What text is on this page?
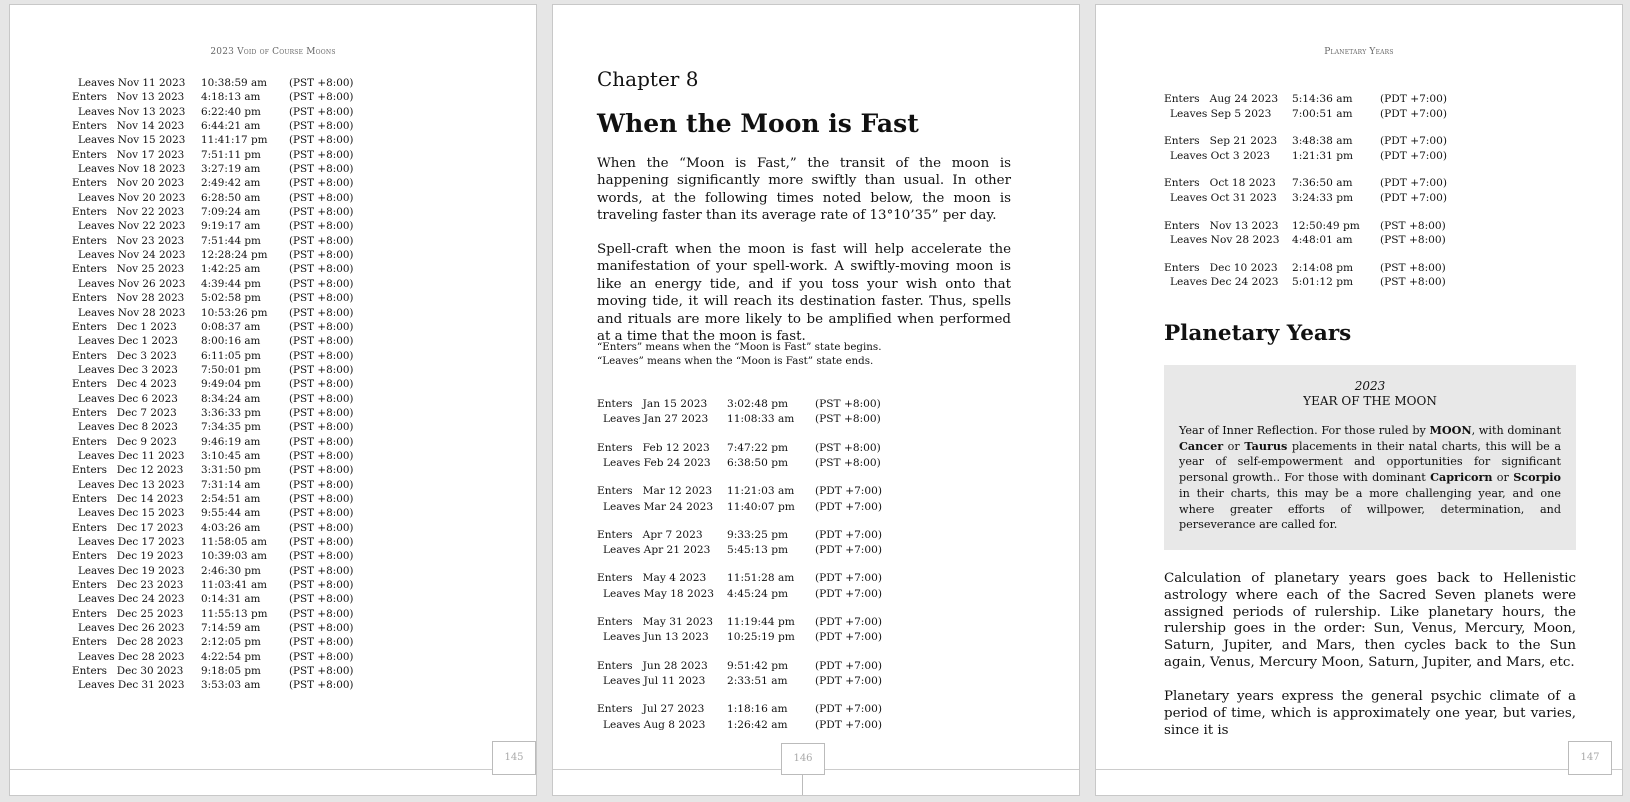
2023 Void of Course Moons
Leaves Nov 11 2023	10:38:59 am	(PST +8:00)
Enters   Nov 13 2023	4:18:13 am	(PST +8:00)
Leaves Nov 13 2023	6:22:40 pm	(PST +8:00)
Enters   Nov 14 2023	6:44:21 am	(PST +8:00)
Leaves Nov 15 2023	11:41:17 pm	(PST +8:00)
Enters   Nov 17 2023	7:51:11 pm	(PST +8:00)
Leaves Nov 18 2023	3:27:19 am	(PST +8:00)
Enters   Nov 20 2023	2:49:42 am	(PST +8:00)
Leaves Nov 20 2023	6:28:50 am	(PST +8:00)
Enters   Nov 22 2023	7:09:24 am	(PST +8:00)
Leaves Nov 22 2023	9:19:17 am	(PST +8:00)
Enters   Nov 23 2023	7:51:44 pm	(PST +8:00)
Leaves Nov 24 2023	12:28:24 pm	(PST +8:00)
Enters   Nov 25 2023	1:42:25 am	(PST +8:00)
Leaves Nov 26 2023	4:39:44 pm	(PST +8:00)
Enters   Nov 28 2023	5:02:58 pm	(PST +8:00)
Leaves Nov 28 2023	10:53:26 pm	(PST +8:00)
Enters   Dec 1 2023	0:08:37 am	(PST +8:00)
Leaves Dec 1 2023	8:00:16 am	(PST +8:00)
Enters   Dec 3 2023	6:11:05 pm	(PST +8:00)
Leaves Dec 3 2023	7:50:01 pm	(PST +8:00)
Enters   Dec 4 2023	9:49:04 pm	(PST +8:00)
Leaves Dec 6 2023	8:34:24 am	(PST +8:00)
Enters   Dec 7 2023	3:36:33 pm	(PST +8:00)
Leaves Dec 8 2023	7:34:35 pm	(PST +8:00)
Enters   Dec 9 2023	9:46:19 am	(PST +8:00)
Leaves Dec 11 2023	3:10:45 am	(PST +8:00)
Enters   Dec 12 2023	3:31:50 pm	(PST +8:00)
Leaves Dec 13 2023	7:31:14 am	(PST +8:00)
Enters   Dec 14 2023	2:54:51 am	(PST +8:00)
Leaves Dec 15 2023	9:55:44 am	(PST +8:00)
Enters   Dec 17 2023	4:03:26 am	(PST +8:00)
Leaves Dec 17 2023	11:58:05 am	(PST +8:00)
Enters   Dec 19 2023	10:39:03 am	(PST +8:00)
Leaves Dec 19 2023	2:46:30 pm	(PST +8:00)
Enters   Dec 23 2023	11:03:41 am	(PST +8:00)
Leaves Dec 24 2023	0:14:31 am	(PST +8:00)
Enters   Dec 25 2023	11:55:13 pm	(PST +8:00)
Leaves Dec 26 2023	7:14:59 am	(PST +8:00)
Enters   Dec 28 2023	2:12:05 pm	(PST +8:00)
Leaves Dec 28 2023	4:22:54 pm	(PST +8:00)
Enters   Dec 30 2023	9:18:05 pm	(PST +8:00)
Leaves Dec 31 2023	3:53:03 am	(PST +8:00)
145
Chapter 8
When the Moon is Fast
When the “Moon is Fast,” the transit of the moon is happening significantly more swiftly than usual. In other words, at the following times noted below, the moon is traveling faster than its average rate of 13°10’35” per day.
Spell-craft when the moon is fast will help accelerate the manifestation of your spell-work. A swiftly-moving moon is like an energy tide, and if you toss your wish onto that moving tide, it will reach its destination faster. Thus, spells and rituals are more likely to be amplified when performed at a time that the moon is fast.
“Enters” means when the “Moon is Fast” state begins.
“Leaves” means when the “Moon is Fast” state ends.
Enters   Jan 15 2023	3:02:48 pm	(PST +8:00)
Leaves Jan 27 2023	11:08:33 am	(PST +8:00)
Enters   Feb 12 2023	7:47:22 pm	(PST +8:00)
Leaves Feb 24 2023	6:38:50 pm	(PST +8:00)
Enters   Mar 12 2023	11:21:03 am	(PDT +7:00)
Leaves Mar 24 2023	11:40:07 pm	(PDT +7:00)
Enters   Apr 7 2023	9:33:25 pm	(PDT +7:00)
Leaves Apr 21 2023	5:45:13 pm	(PDT +7:00)
Enters   May 4 2023	11:51:28 am	(PDT +7:00)
Leaves May 18 2023	4:45:24 pm	(PDT +7:00)
Enters   May 31 2023	11:19:44 pm	(PDT +7:00)
Leaves Jun 13 2023	10:25:19 pm	(PDT +7:00)
Enters   Jun 28 2023	9:51:42 pm	(PDT +7:00)
Leaves Jul 11 2023	2:33:51 am	(PDT +7:00)
Enters   Jul 27 2023	1:18:16 am	(PDT +7:00)
Leaves Aug 8 2023	1:26:42 am	(PDT +7:00)
146
Planetary Years
Enters   Aug 24 2023	5:14:36 am	(PDT +7:00)
Leaves Sep 5 2023	7:00:51 am	(PDT +7:00)
Enters   Sep 21 2023	3:48:38 am	(PDT +7:00)
Leaves Oct 3 2023	1:21:31 pm	(PDT +7:00)
Enters   Oct 18 2023	7:36:50 am	(PDT +7:00)
Leaves Oct 31 2023	3:24:33 pm	(PDT +7:00)
Enters   Nov 13 2023	12:50:49 pm	(PST +8:00)
Leaves Nov 28 2023	4:48:01 am	(PST +8:00)
Enters   Dec 10 2023	2:14:08 pm	(PST +8:00)
Leaves Dec 24 2023	5:01:12 pm	(PST +8:00)
Planetary Years
2023
YEAR OF THE MOON
Year of Inner Reflection. For those ruled by MOON, with dominant Cancer or Taurus placements in their natal charts, this will be a year of self-empowerment and opportunities for significant personal growth.. For those with dominant Capricorn or Scorpio in their charts, this may be a more challenging year, and one where greater efforts of willpower, determination, and perseverance are called for.
Calculation of planetary years goes back to Hellenistic astrology where each of the Sacred Seven planets were assigned periods of rulership. Like planetary hours, the rulership goes in the order: Sun, Venus, Mercury, Moon, Saturn, Jupiter, and Mars, then cycles back to the Sun again, Venus, Mercury Moon, Saturn, Jupiter, and Mars, etc.
Planetary years express the general psychic climate of a period of time, which is approximately one year, but varies, since it is
147
